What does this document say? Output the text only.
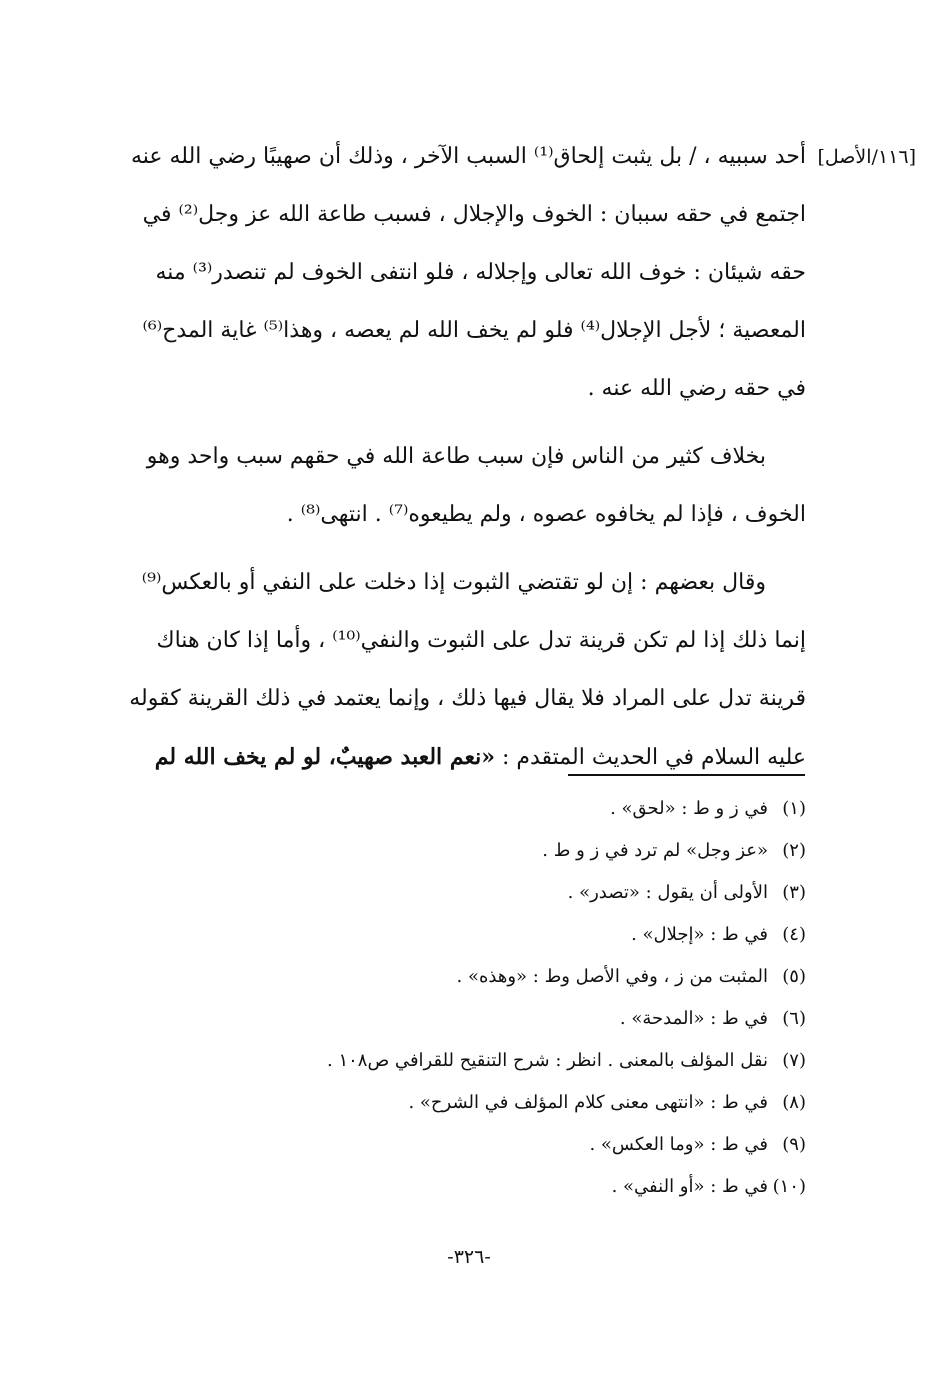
[١١٦/الأصل]

أحد سببيه ، / بل يثبت إلحاق⁽¹⁾ السبب الآخر ، وذلك أن صهيبًا رضي الله عنه

اجتمع في حقه سببان : الخوف والإجلال ، فسبب طاعة الله عز وجل⁽²⁾ في

حقه شيئان : خوف الله تعالى وإجلاله ، فلو انتفى الخوف لم تنصدر⁽³⁾ منه

المعصية ؛ لأجل الإجلال⁽⁴⁾ فلو لم يخف الله لم يعصه ، وهذا⁽⁵⁾ غاية المدح⁽⁶⁾

في حقه رضي الله عنه .

بخلاف كثير من الناس فإن سبب طاعة الله في حقهم سبب واحد وهو

الخوف ، فإذا لم يخافوه عصوه ، ولم يطيعوه⁽⁷⁾ . انتهى⁽⁸⁾ .

وقال بعضهم : إن لو تقتضي الثبوت إذا دخلت على النفي أو بالعكس⁽⁹⁾

إنما ذلك إذا لم تكن قرينة تدل على الثبوت والنفي⁽¹⁰⁾ ، وأما إذا كان هناك

قرينة تدل على المراد فلا يقال فيها ذلك ، وإنما يعتمد في ذلك القرينة كقوله

عليه السلام في الحديث المتقدم : «نعم العبد صهيبٌ، لو لم يخف الله لم

(١)في ز و ط : «لحق» .
(٢)«عز وجل» لم ترد في ز و ط .
(٣)الأولى أن يقول : «تصدر» .
(٤)في ط : «إجلال» .
(٥)المثبت من ز ، وفي الأصل وط : «وهذه» .
(٦)في ط : «المدحة» .
(٧)نقل المؤلف بالمعنى . انظر : شرح التنقيح للقرافي ص١٠٨ .
(٨)في ط : «انتهى معنى كلام المؤلف في الشرح» .
(٩)في ط : «وما العكس» .
(١٠)في ط : «أو النفي» .
-٣٢٦-
